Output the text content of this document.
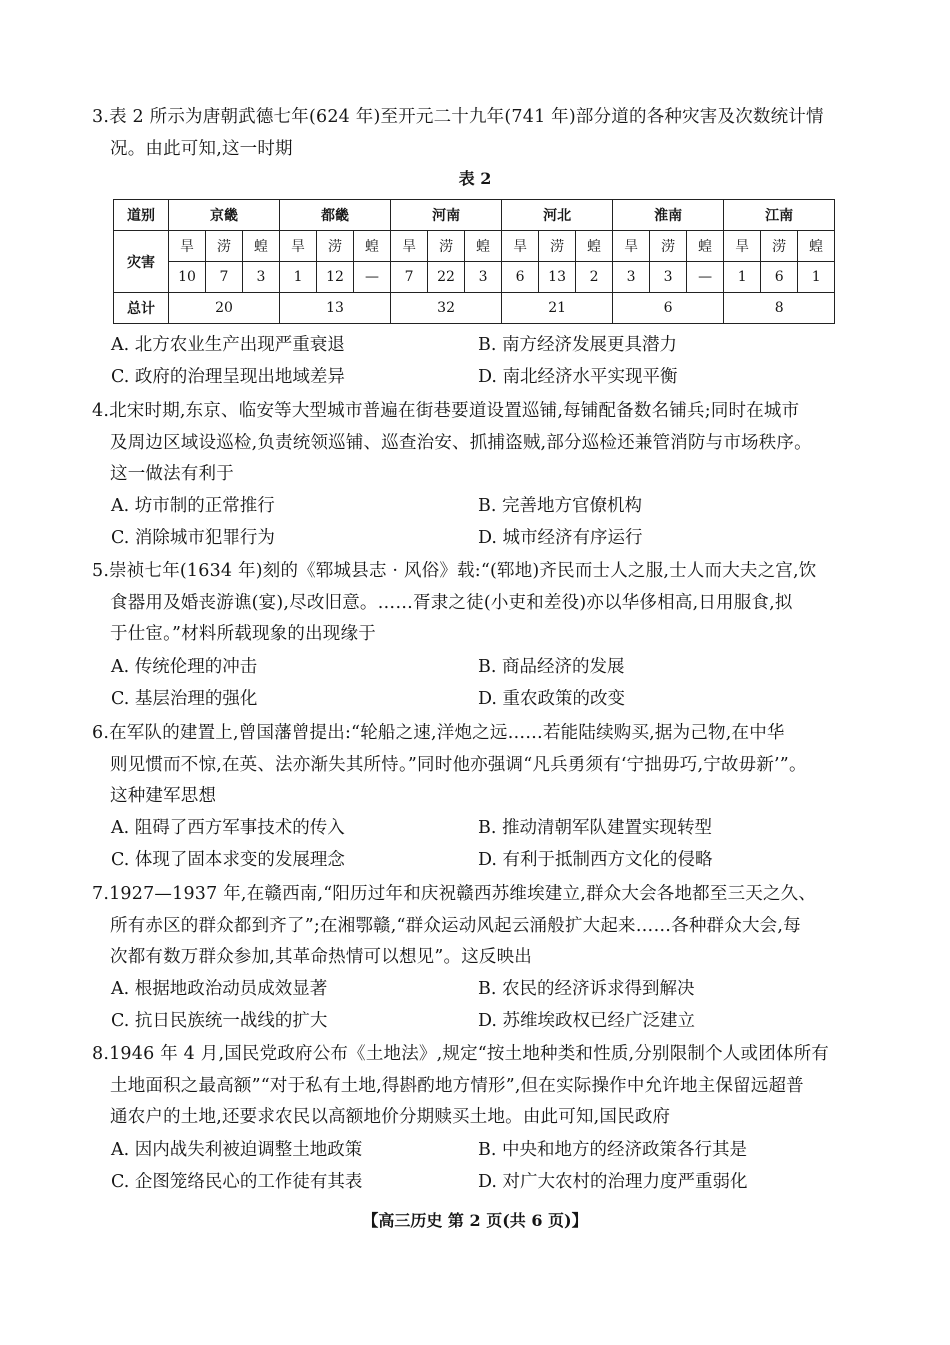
3.表 2 所示为唐朝武德七年(624 年)至开元二十九年(741 年)部分道的各种灾害及次数统计情
况。由此可知,这一时期
表 2
道别	京畿			都畿			河南			河北			淮南			江南		
灾害	旱	涝	蝗	旱	涝	蝗	旱	涝	蝗	旱	涝	蝗	旱	涝	蝗	旱	涝	蝗
	10	7	3	1	12	—	7	22	3	6	13	2	3	3	—	1	6	1
总计	20			13			32			21			6			8		
A. 北方农业生产出现严重衰退	B. 南方经济发展更具潜力
C. 政府的治理呈现出地域差异	D. 南北经济水平实现平衡
4.北宋时期,东京、临安等大型城市普遍在街巷要道设置巡铺,每铺配备数名铺兵;同时在城市
及周边区域设巡检,负责统领巡铺、巡查治安、抓捕盗贼,部分巡检还兼管消防与市场秩序。
这一做法有利于
A. 坊市制的正常推行	B. 完善地方官僚机构
C. 消除城市犯罪行为	D. 城市经济有序运行
5.崇祯七年(1634 年)刻的《郓城县志 · 风俗》载:“(郓地)齐民而士人之服,士人而大夫之宫,饮
食器用及婚丧游谯(宴),尽改旧意。……胥隶之徒(小吏和差役)亦以华侈相高,日用服食,拟
于仕宦。”材料所载现象的出现缘于
A. 传统伦理的冲击	B. 商品经济的发展
C. 基层治理的强化	D. 重农政策的改变
6.在军队的建置上,曾国藩曾提出:“轮船之速,洋炮之远……若能陆续购买,据为己物,在中华
则见惯而不惊,在英、法亦渐失其所恃。”同时他亦强调“凡兵勇须有‘宁拙毋巧,宁故毋新’”。
这种建军思想
A. 阻碍了西方军事技术的传入	B. 推动清朝军队建置实现转型
C. 体现了固本求变的发展理念	D. 有利于抵制西方文化的侵略
7.1927—1937 年,在赣西南,“阳历过年和庆祝赣西苏维埃建立,群众大会各地都至三天之久、
所有赤区的群众都到齐了”;在湘鄂赣,“群众运动风起云涌般扩大起来……各种群众大会,每
次都有数万群众参加,其革命热情可以想见”。这反映出
A. 根据地政治动员成效显著	B. 农民的经济诉求得到解决
C. 抗日民族统一战线的扩大	D. 苏维埃政权已经广泛建立
8.1946 年 4 月,国民党政府公布《土地法》,规定“按土地种类和性质,分别限制个人或团体所有
土地面积之最高额”“对于私有土地,得斟酌地方情形”,但在实际操作中允许地主保留远超普
通农户的土地,还要求农民以高额地价分期赎买土地。由此可知,国民政府
A. 因内战失利被迫调整土地政策	B. 中央和地方的经济政策各行其是
C. 企图笼络民心的工作徒有其表	D. 对广大农村的治理力度严重弱化
【高三历史 第 2 页(共 6 页)】
